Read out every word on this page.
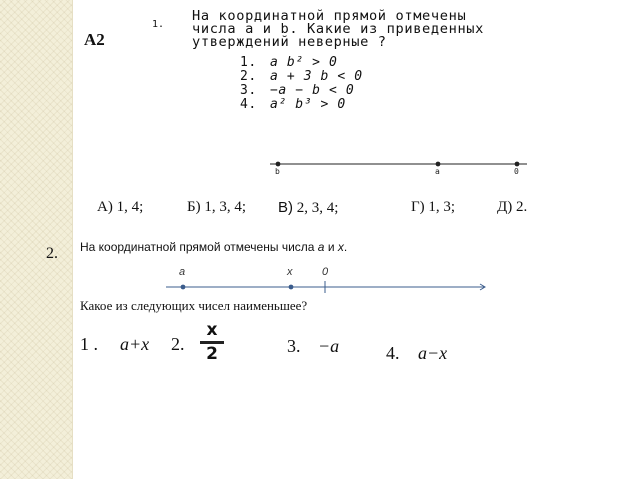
А2
1.
На координатной прямой отмечены
числа a и b. Какие из приведенных
утверждений неверные ?
1. a b² > 0
2. a + 3 b < 0
3. −a − b < 0
4. a² b³ > 0
b	a	0
a	x	0
А) 1, 4;	Б) 1, 3, 4; В) 2, 3, 4;	Г) 1, 3;	Д) 2.
2. На координатной прямой отмечены числа a и x.
Какое из следующих чисел наименьшее?
1 . a+x 2.
x
2	3. −a	4. a−x
